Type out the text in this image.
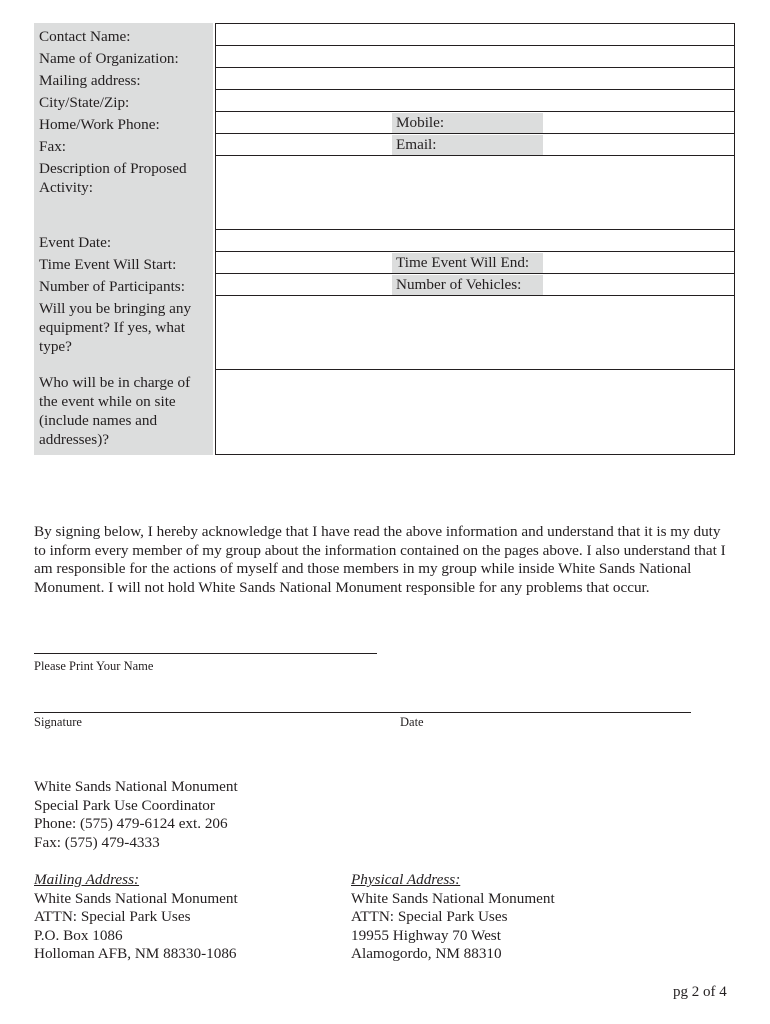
Contact Name:
Name of Organization:
Mailing address:
City/State/Zip:
Home/Work Phone:
Fax:
Description of Proposed
Activity:
Event Date:
Time Event Will Start:
Number of Participants:
Will you be bringing any
equipment? If yes, what
type?
Who will be in charge of
the event while on site
(include names and
addresses)?
Mobile:
Email:
Time Event Will End:
Number of Vehicles:
By signing below, I hereby acknowledge that I have read the above information and understand that it is my duty to inform every member of my group about the information contained on the pages above. I also understand that I am responsible for the actions of myself and those members in my group while inside White Sands National Monument. I will not hold White Sands National Monument responsible for any problems that occur.
Please Print Your Name
Signature	Date
White Sands National Monument
Special Park Use Coordinator
Phone: (575) 479-6124 ext. 206
Fax: (575) 479-4333
Mailing Address:
White Sands National Monument
ATTN: Special Park Uses
P.O. Box 1086
Holloman AFB, NM 88330-1086
Physical Address:
White Sands National Monument
ATTN: Special Park Uses
19955 Highway 70 West
Alamogordo, NM 88310
pg 2 of 4
